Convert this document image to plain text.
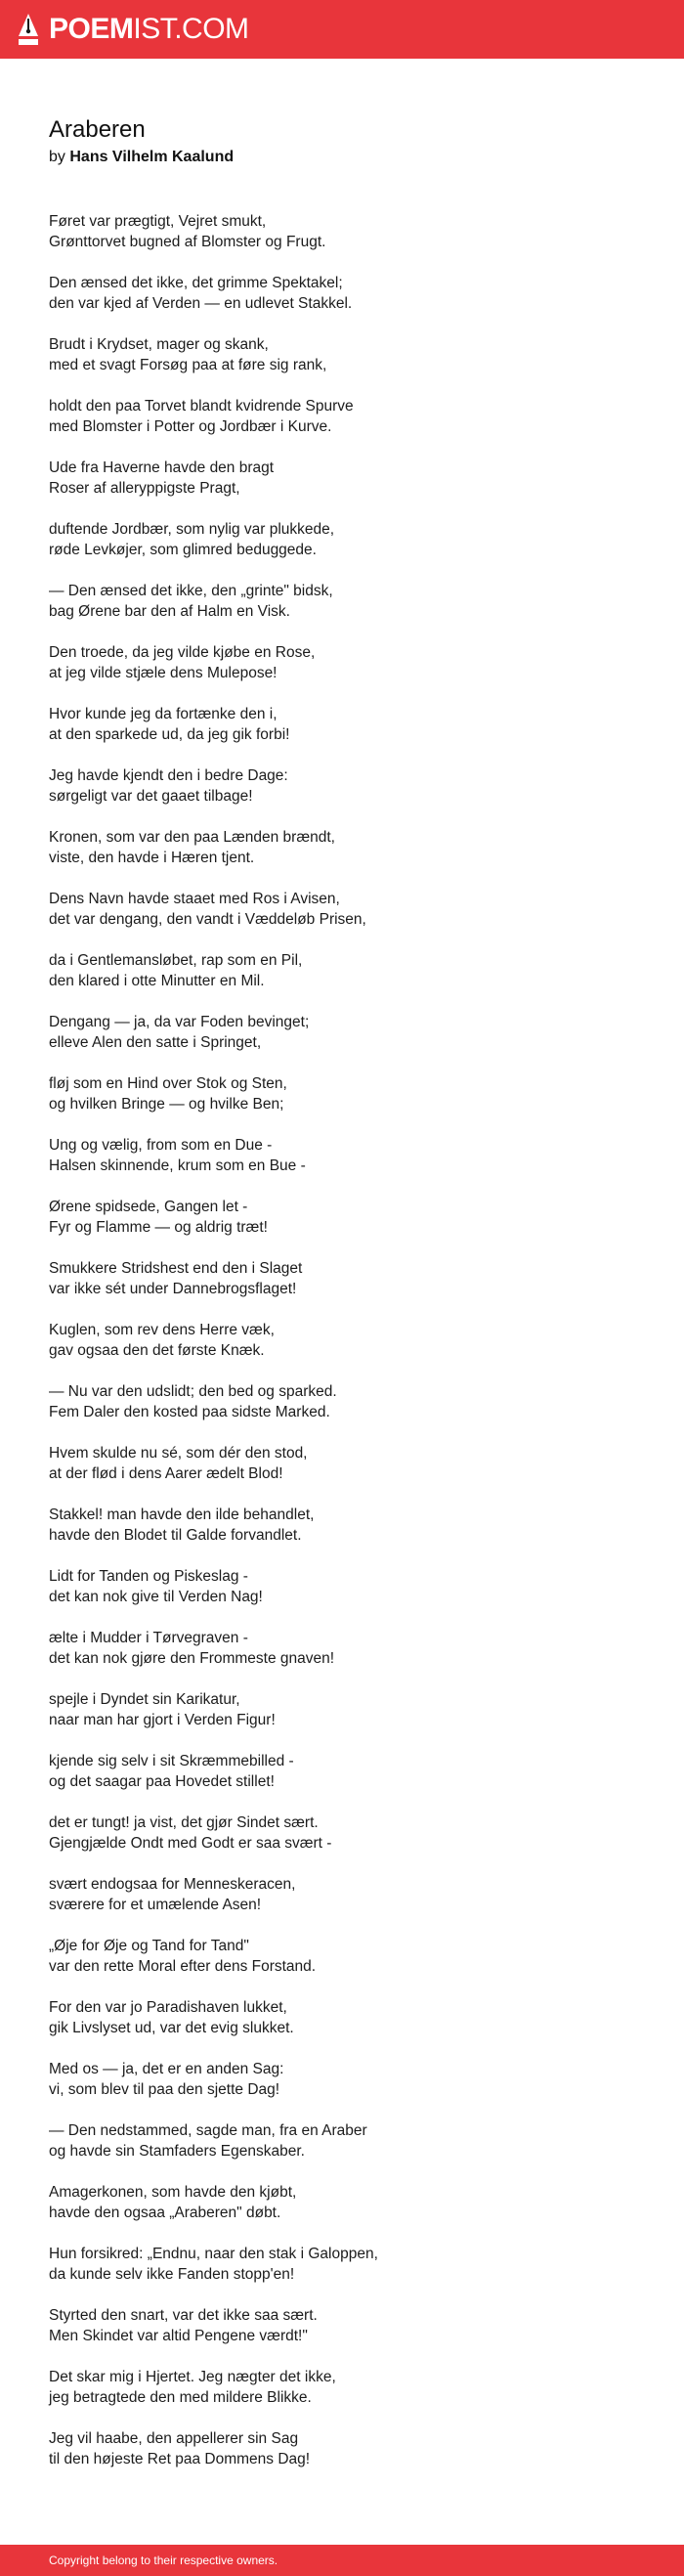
POEMIST.COM
Araberen
by Hans Vilhelm Kaalund
Føret var prægtigt, Vejret smukt,
Grønttorvet bugned af Blomster og Frugt.
Den ænsed det ikke, det grimme Spektakel;
den var kjed af Verden — en udlevet Stakkel.
Brudt i Krydset, mager og skank,
med et svagt Forsøg paa at føre sig rank,
holdt den paa Torvet blandt kvidrende Spurve
med Blomster i Potter og Jordbær i Kurve.
Ude fra Haverne havde den bragt
Roser af alleryppigste Pragt,
duftende Jordbær, som nylig var plukkede,
røde Levkøjer, som glimred beduggede.
— Den ænsed det ikke, den „grinte" bidsk,
bag Ørene bar den af Halm en Visk.
Den troede, da jeg vilde kjøbe en Rose,
at jeg vilde stjæle dens Mulepose!
Hvor kunde jeg da fortænke den i,
at den sparkede ud, da jeg gik forbi!
Jeg havde kjendt den i bedre Dage:
sørgeligt var det gaaet tilbage!
Kronen, som var den paa Lænden brændt,
viste, den havde i Hæren tjent.
Dens Navn havde staaet med Ros i Avisen,
det var dengang, den vandt i Væddeløb Prisen,
da i Gentlemansløbet, rap som en Pil,
den klared i otte Minutter en Mil.
Dengang — ja, da var Foden bevinget;
elleve Alen den satte i Springet,
fløj som en Hind over Stok og Sten,
og hvilken Bringe — og hvilke Ben;
Ung og vælig, from som en Due -
Halsen skinnende, krum som en Bue -
Ørene spidsede, Gangen let -
Fyr og Flamme — og aldrig træt!
Smukkere Stridshest end den i Slaget
var ikke sét under Dannebrogsflaget!
Kuglen, som rev dens Herre væk,
gav ogsaa den det første Knæk.
— Nu var den udslidt; den bed og sparked.
Fem Daler den kosted paa sidste Marked.
Hvem skulde nu sé, som dér den stod,
at der flød i dens Aarer ædelt Blod!
Stakkel! man havde den ilde behandlet,
havde den Blodet til Galde forvandlet.
Lidt for Tanden og Piskeslag -
det kan nok give til Verden Nag!
ælte i Mudder i Tørvegraven -
det kan nok gjøre den Frommeste gnaven!
spejle i Dyndet sin Karikatur,
naar man har gjort i Verden Figur!
kjende sig selv i sit Skræmmebilled -
og det saagar paa Hovedet stillet!
det er tungt! ja vist, det gjør Sindet sært.
Gjengjælde Ondt med Godt er saa svært -
svært endogsaa for Menneskeracen,
sværere for et umælende Asen!
„Øje for Øje og Tand for Tand"
var den rette Moral efter dens Forstand.
For den var jo Paradishaven lukket,
gik Livslyset ud, var det evig slukket.
Med os — ja, det er en anden Sag:
vi, som blev til paa den sjette Dag!
— Den nedstammed, sagde man, fra en Araber
og havde sin Stamfaders Egenskaber.
Amagerkonen, som havde den kjøbt,
havde den ogsaa „Araberen" døbt.
Hun forsikred: „Endnu, naar den stak i Galoppen,
da kunde selv ikke Fanden stopp'en!
Styrted den snart, var det ikke saa sært.
Men Skindet var altid Pengene værdt!"
Det skar mig i Hjertet. Jeg nægter det ikke,
jeg betragtede den med mildere Blikke.
Jeg vil haabe, den appellerer sin Sag
til den højeste Ret paa Dommens Dag!
Copyright belong to their respective owners.
